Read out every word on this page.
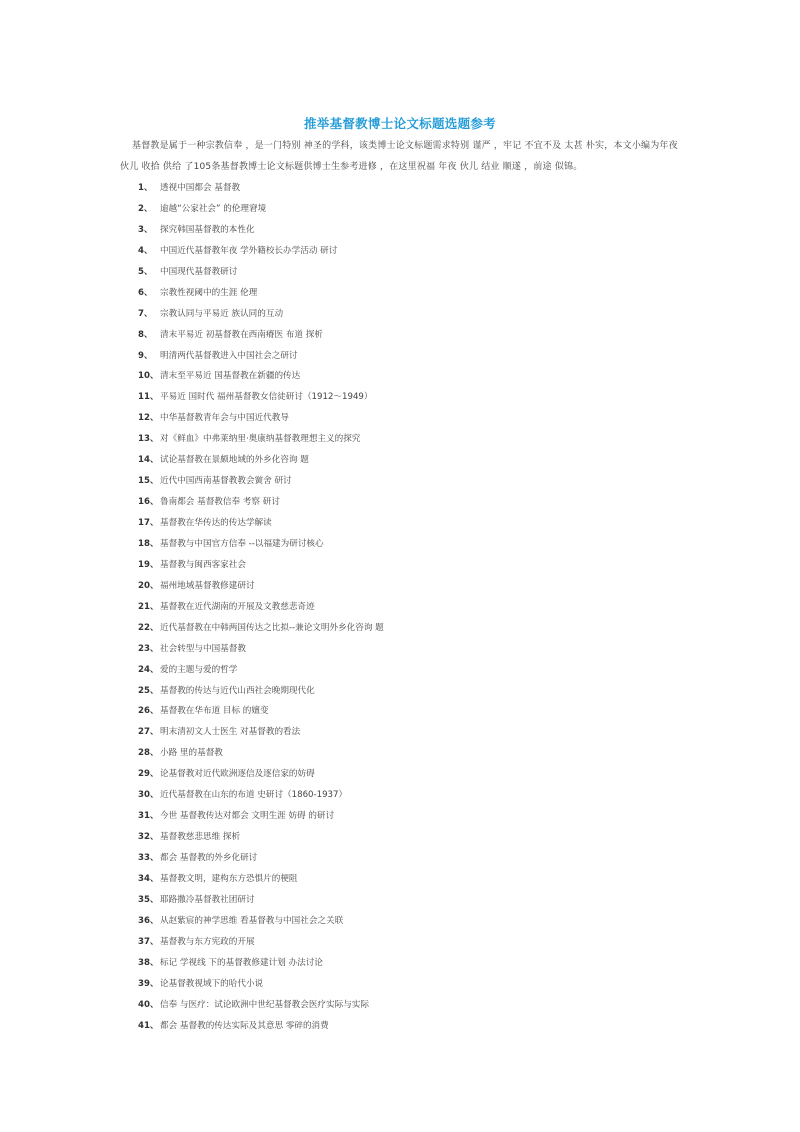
推举基督教博士论文标题选题参考
基督教是属于一种宗教信奉 ，是一门特别 神圣的学科，该类博士论文标题需求特别 谨严 ，牢记 不宜不及 太甚 朴实，本文小编为年夜 伙儿 收拾 供给 了105条基督教博士论文标题供博士生参考进修 ，在这里祝福 年夜 伙儿 结业 顺遂 ，前途 似锦。
1、 透视中国都会 基督教
2、 逾越“公家社会” 的伦理窘境
3、 探究韩国基督教的本性化
4、 中国近代基督教年夜 学外籍校长办学活动 研讨
5、 中国现代基督教研讨
6、 宗教性视阈中的生涯 伦理
7、 宗教认同与平易近 族认同的互动
8、 清末平易近 初基督教在西南瘠医 布道 探析
9、 明清两代基督教进入中国社会之研讨
10、清末至平易近 国基督教在新疆的传达
11、平易近 国时代 福州基督教女信徒研讨（1912～1949）
12、中华基督教青年会与中国近代教导
13、对《鲜血》中弗莱纳里·奥康纳基督教理想主义的探究
14、试论基督教在景颇地域的外乡化咨询 题
15、近代中国西南基督教教会黉舍 研讨
16、鲁南都会 基督教信奉 考察 研讨
17、基督教在华传达的传达学解读
18、基督教与中国官方信奉 --以福建为研讨核心
19、基督教与闽西客家社会
20、福州地域基督教修建研讨
21、基督教在近代湖南的开展及文教慈悲奇迹
22、近代基督教在中韩两国传达之比拟--兼论文明外乡化咨询 题
23、社会转型与中国基督教
24、爱的主题与爱的哲学
25、基督教的传达与近代山西社会晚期现代化
26、基督教在华布道 目标 的嬗变
27、明末清初文人士医生 对基督教的看法
28、小路 里的基督教
29、论基督教对近代欧洲逐信及逐信家的妨碍
30、近代基督教在山东的布道 史研讨（1860-1937）
31、今世 基督教传达对都会 文明生涯 妨碍 的研讨
32、基督教慈悲思维 探析
33、都会 基督教的外乡化研讨
34、基督教文明，建构东方恐惧片的梗阻
35、耶路撒冷基督教社团研讨
36、从赵紫宸的神学思维 看基督教与中国社会之关联
37、基督教与东方宪政的开展
38、标记 学视线 下的基督教修建计划 办法讨论
39、论基督教视域下的哈代小说
40、信奉 与医疗：试论欧洲中世纪基督教会医疗实际与实际
41、都会 基督教的传达实际及其意思 零碎的消费
